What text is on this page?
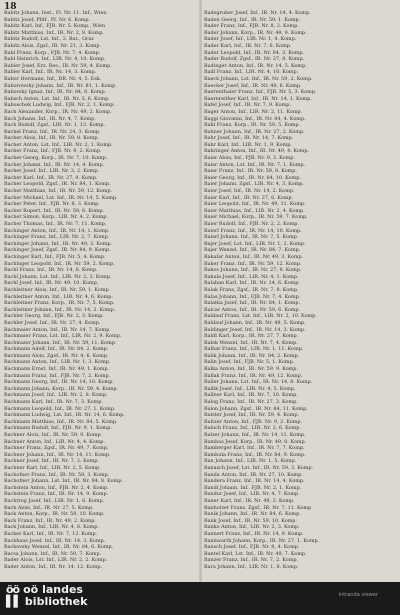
18
Babitz Johann, Inst., Fl. Nr. 11. Inf., Wien.
Babitz Josef, Pfdf., Pf. Nr. 6. Komp.
Babitz Karl, Inf., FJB. Nr. 5. Komp., Wien
Babitz Matthias, Inf., IR. Nr. 2, 8. Komp.
Babitz Rudolf, Lst. Inf., 2. Bat., Graz
Babitz Alois, Zgsf., IR. Nr. 21, 3. Komp.
Babl Franz, Korp., FJB. Nr. 7, 4. Komp.
Babl Heinrich, Inf., LIR. Nr. 4, 10. Komp.
Babler Josef, Erz. Res., IR. Nr. 59, 4. Komp.
Babler Karl, Inf., IR. Nr. 14, 3. Komp.
Babor Hermann, Inf., DR. Nr. 4, 5. Esk.
Baborowsky Johann, Inf., IR. Nr. 81, 1. Komp.
Baborsky Ignaz, Inf., IR. Nr. 84, 8. Komp.
Babsch Anton, Lst. Inf., IR. Nr. 3, 6. Komp.
Babuschek Ludwig, Inf., FJB. Nr. 2, 1. Komp.
Bach Alexander, Korp., IR. Nr. 49, 2. Komp.
Bach Johann, Inf., IR. Nr. 4, 7. Komp.
Bach Rudolf, Zgsf., LIR. Nr. 1, 12. Komp.
Bachel Franz, Inf., IR. Nr. 24, 3. Komp.
Bacher Alois, Inf., IR. Nr. 59, 8. Komp.
Bacher Anton, Lst. Inf., LIR. Nr. 2, 1. Komp.
Bacher Franz, Inf., FJB. Nr. 9, 2. Komp.
Bacher Georg, Korp., IR. Nr. 7, 10. Komp.
Bacher Johann, Inf., IR. Nr. 14, 4. Komp.
Bacher Josef, Inf., LIR. Nr. 3, 2. Komp.
Bacher Karl, Inf., IR. Nr. 27, 9. Komp.
Bacher Leopold, Zgsf., IR. Nr. 84, 1. Komp.
Bacher Matthias, Inf., IR. Nr. 59, 12. Komp.
Bacher Michael, Lst. Inf., IR. Nr. 14, 5. Komp.
Bacher Peter, Inf., FJB. Nr. 8, 3. Komp.
Bacher Rupert, Inf., IR. Nr. 59, 6. Komp.
Bacher Simon, Korp., LIR. Nr. 4, 2. Komp.
Bacher Thomas, Inf., IR. Nr. 7, 11. Komp.
Bachinger Anton, Inf., IR. Nr. 14, 1. Komp.
Bachinger Franz, Inf., LIR. Nr. 2, 7. Komp.
Bachinger Johann, Inf., IR. Nr. 49, 3. Komp.
Bachinger Josef, Zgsf., IR. Nr. 84, 9. Komp.
Bachinger Karl, Inf., FJB. Nr. 5, 4. Komp.
Bachinger Leopold, Inf., IR. Nr. 59, 2. Komp.
Bachl Franz, Inf., IR. Nr. 14, 8. Komp.
Bachl Johann, Lst. Inf., LIR. Nr. 2, 3. Komp.
Bachl Josef, Inf., IR. Nr. 49, 10. Komp.
Bachleitner Alois, Inf., IR. Nr. 59, 1. Komp.
Bachleitner Anton, Inf., LIR. Nr. 4, 6. Komp.
Bachleitner Franz, Korp., IR. Nr. 7, 5. Komp.
Bachleitner Johann, Inf., IR. Nr. 14, 2. Komp.
Bachler Georg, Inf., FJB. Nr. 2, 3. Komp.
Bachler Josef, Inf., IR. Nr. 27, 4. Komp.
Bachmaier Anton, Inf., IR. Nr. 14, 7. Komp.
Bachmaier Franz, Lst. Inf., LIR. Nr. 2, 9. Komp.
Bachmaier Johann, Inf., IR. Nr. 59, 11. Komp.
Bachmann Adolf, Inf., IR. Nr. 84, 2. Komp.
Bachmann Alois, Zgsf., IR. Nr. 4, 6. Komp.
Bachmann Anton, Inf., LIR. Nr. 1, 3. Komp.
Bachmann Ernst, Inf., IR. Nr. 49, 1. Komp.
Bachmann Franz, Inf., FJB. Nr. 7, 2. Komp.
Bachmann Georg, Inf., IR. Nr. 14, 10. Komp.
Bachmann Johann, Korp., IR. Nr. 59, 4. Komp.
Bachmann Josef, Inf., LIR. Nr. 2, 8. Komp.
Bachmann Karl, Inf., IR. Nr. 7, 3. Komp.
Bachmann Leopold, Inf., IR. Nr. 27, 1. Komp.
Bachmann Ludwig, Lst. Inf., IR. Nr. 14, 6. Komp.
Bachmann Matthias, Inf., IR. Nr. 84, 5. Komp.
Bachmann Rudolf, Inf., FJB. Nr. 9, 1. Komp.
Bachner Alois, Inf., IR. Nr. 59, 9. Komp.
Bachner Anton, Inf., LIR. Nr. 4, 4. Komp.
Bachner Franz, Zgsf., IR. Nr. 49, 7. Komp.
Bachner Johann, Inf., IR. Nr. 14, 11. Komp.
Bachner Josef, Inf., IR. Nr. 7, 2. Komp.
Bachner Karl, Inf., LIR. Nr. 2, 5. Komp.
Bachofner Franz, Inf., IR. Nr. 59, 3. Komp.
Bachofner Johann, Lst. Inf., IR. Nr. 84, 8. Komp.
Bachstein Anton, Inf., FJB. Nr. 2, 4. Komp.
Bachstein Franz, Inf., IR. Nr. 14, 9. Komp.
Bachtrog Josef, Inf., LIR. Nr. 1, 6. Komp.
Back Alois, Inf., IR. Nr. 27, 5. Komp.
Back Anton, Korp., IR. Nr. 59, 10. Komp.
Back Franz, Inf., IR. Nr. 49, 2. Komp.
Back Johann, Inf., LIR. Nr. 4, 8. Komp.
Backer Karl, Inf., IR. Nr. 7, 12. Komp.
Backhaus Josef, Inf., IR. Nr. 14, 3. Komp.
Backovsky Wenzel, Inf., IR. Nr. 84, 6. Komp.
Bacsa Johann, Inf., IR. Nr. 59, 7. Komp.
Bader Alois, Lst. Inf., LIR. Nr. 2, 2. Komp.
Bader Anton, Inf., IR. Nr. 14, 12. Komp.
Badegruber Josef, Inf., IR. Nr. 14, 4. Komp.
Baden Georg, Inf., IR. Nr. 59, 1. Komp.
Bader Franz, Inf., FJB. Nr. 8, 2. Komp.
Bader Johann, Korp., IR. Nr. 49, 9. Komp.
Bader Josef, Inf., LIR. Nr. 1, 4. Komp.
Bader Karl, Inf., IR. Nr. 7, 6. Komp.
Bader Leopold, Inf., IR. Nr. 84, 3. Komp.
Bader Rudolf, Zgsf., IR. Nr. 27, 8. Komp.
Badinger Anton, Inf., IR. Nr. 14, 5. Komp.
Badl Franz, Inf., LIR. Nr. 4, 10. Komp.
Baeck Johann, Lst. Inf., IR. Nr. 59, 2. Komp.
Baecker Josef, Inf., IR. Nr. 49, 6. Komp.
Baerenthaler Franz, Inf., FJB. Nr. 5, 3. Komp.
Baernreither Karl, Inf., IR. Nr. 14, 1. Komp.
Bafel Josef, Inf., IR. Nr. 7, 9. Komp.
Bager Anton, Inf., LIR. Nr. 2, 11. Komp.
Baggi Giovanni, Inf., IR. Nr. 84, 4. Komp.
Bahl Franz, Korp., IR. Nr. 59, 5. Komp.
Bahner Johann, Inf., IR. Nr. 27, 2. Komp.
Bahr Josef, Inf., IR. Nr. 14, 7. Komp.
Bahr Karl, Inf., LIR. Nr. 1, 9. Komp.
Bahringer Anton, Inf., IR. Nr. 49, 4. Komp.
Baier Alois, Inf., FJB. Nr. 9, 3. Komp.
Baier Anton, Lst. Inf., IR. Nr. 7, 1. Komp.
Baier Franz, Inf., IR. Nr. 59, 8. Komp.
Baier Georg, Inf., IR. Nr. 84, 10. Komp.
Baier Johann, Zgsf., LIR. Nr. 4, 3. Komp.
Baier Josef, Inf., IR. Nr. 14, 2. Komp.
Baier Karl, Inf., IR. Nr. 27, 6. Komp.
Baier Leopold, Inf., IR. Nr. 49, 11. Komp.
Baier Matthias, Inf., LIR. Nr. 2, 4. Komp.
Baier Michael, Korp., IR. Nr. 59, 7. Komp.
Baier Rudolf, Inf., FJB. Nr. 2, 2. Komp.
Baierl Franz, Inf., IR. Nr. 14, 10. Komp.
Baierl Johann, Inf., IR. Nr. 7, 5. Komp.
Bajer Josef, Lst. Inf., LIR. Nr. 1, 2. Komp.
Bajer Wenzel, Inf., IR. Nr. 84, 7. Komp.
Bakalar Anton, Inf., IR. Nr. 49, 3. Komp.
Baker Franz, Inf., IR. Nr. 59, 12. Komp.
Bakos Johann, Inf., IR. Nr. 27, 9. Komp.
Bakula Josef, Inf., LIR. Nr. 4, 1. Komp.
Balaban Karl, Inf., IR. Nr. 14, 6. Komp.
Balak Franz, Zgsf., IR. Nr. 7, 8. Komp.
Balas Johann, Inf., FJB. Nr. 7, 4. Komp.
Balatka Josef, Inf., IR. Nr. 84, 1. Komp.
Balcar Anton, Inf., IR. Nr. 59, 6. Komp.
Baldauf Franz, Lst. Inf., LIR. Nr. 2, 10. Komp.
Baldauf Johann, Inf., IR. Nr. 49, 5. Komp.
Baldinger Josef, Inf., IR. Nr. 14, 3. Komp.
Baldt Karl, Korp., IR. Nr. 27, 7. Komp.
Balek Wenzel, Inf., IR. Nr. 7, 4. Komp.
Balhar Franz, Inf., LIR. Nr. 1, 11. Komp.
Balik Johann, Inf., IR. Nr. 84, 2. Komp.
Balin Josef, Inf., FJB. Nr. 5, 1. Komp.
Balka Anton, Inf., IR. Nr. 59, 9. Komp.
Ballak Franz, Inf., IR. Nr. 49, 12. Komp.
Baller Johann, Lst. Inf., IR. Nr. 14, 8. Komp.
Ballik Josef, Inf., LIR. Nr. 4, 5. Komp.
Ballner Karl, Inf., IR. Nr. 7, 10. Komp.
Balog Franz, Inf., IR. Nr. 27, 3. Komp.
Balon Johann, Zgsf., IR. Nr. 84, 11. Komp.
Balster Josef, Inf., IR. Nr. 59, 4. Komp.
Baltzer Anton, Inf., FJB. Nr. 9, 2. Komp.
Baluch Franz, Inf., LIR. Nr. 2, 6. Komp.
Balzer Johann, Inf., IR. Nr. 14, 11. Komp.
Bambas Josef, Korp., IR. Nr. 49, 8. Komp.
Bamberger Karl, Inf., IR. Nr. 7, 7. Komp.
Bambula Franz, Inf., IR. Nr. 84, 9. Komp.
Ban Johann, Inf., LIR. Nr. 1, 5. Komp.
Banasch Josef, Lst. Inf., IR. Nr. 59, 3. Komp.
Banda Anton, Inf., IR. Nr. 27, 10. Komp.
Bandera Franz, Inf., IR. Nr. 14, 4. Komp.
Bandl Johann, Inf., FJB. Nr. 2, 1. Komp.
Bandur Josef, Inf., LIR. Nr. 4, 7. Komp.
Baner Karl, Inf., IR. Nr. 49, 2. Komp.
Banholzer Franz, Zgsf., IR. Nr. 7, 11. Komp.
Banik Johann, Inf., IR. Nr. 84, 6. Komp.
Bank Josef, Inf., IR. Nr. 59, 10. Komp.
Banko Anton, Inf., LIR. Nr. 2, 3. Komp.
Bannert Franz, Inf., IR. Nr. 14, 9. Komp.
Bannwarth Johann, Korp., IR. Nr. 27, 1. Komp.
Bansch Josef, Inf., FJB. Nr. 8, 4. Komp.
Bantel Karl, Lst. Inf., IR. Nr. 49, 7. Komp.
Banzer Franz, Inf., IR. Nr. 7, 2. Komp.
Bara Johann, Inf., LIR. Nr. 1, 8. Komp.
öö oö landes
▌▌ bibliothek	intranda viewer
